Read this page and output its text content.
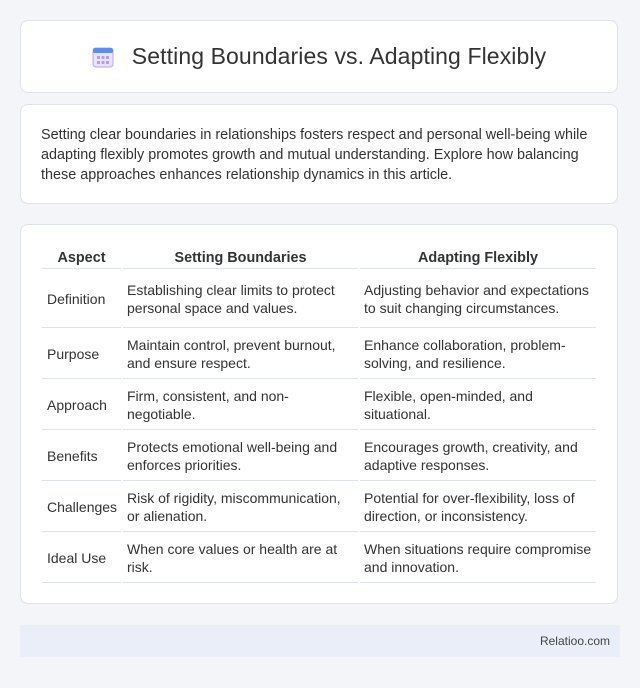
Setting Boundaries vs. Adapting Flexibly

Setting clear boundaries in relationships fosters respect and personal well-being while adapting flexibly promotes growth and mutual understanding. Explore how balancing these approaches enhances relationship dynamics in this article.

Aspect	Setting Boundaries	Adapting Flexibly
Definition	Establishing clear limits to protect personal space and values.	Adjusting behavior and expectations to suit changing circumstances.
Purpose	Maintain control, prevent burnout, and ensure respect.	Enhance collaboration, problem-solving, and resilience.
Approach	Firm, consistent, and non-negotiable.	Flexible, open-minded, and situational.
Benefits	Protects emotional well-being and enforces priorities.	Encourages growth, creativity, and adaptive responses.
Challenges	Risk of rigidity, miscommunication, or alienation.	Potential for over-flexibility, loss of direction, or inconsistency.
Ideal Use	When core values or health are at risk.	When situations require compromise and innovation.
Relatioo.com
